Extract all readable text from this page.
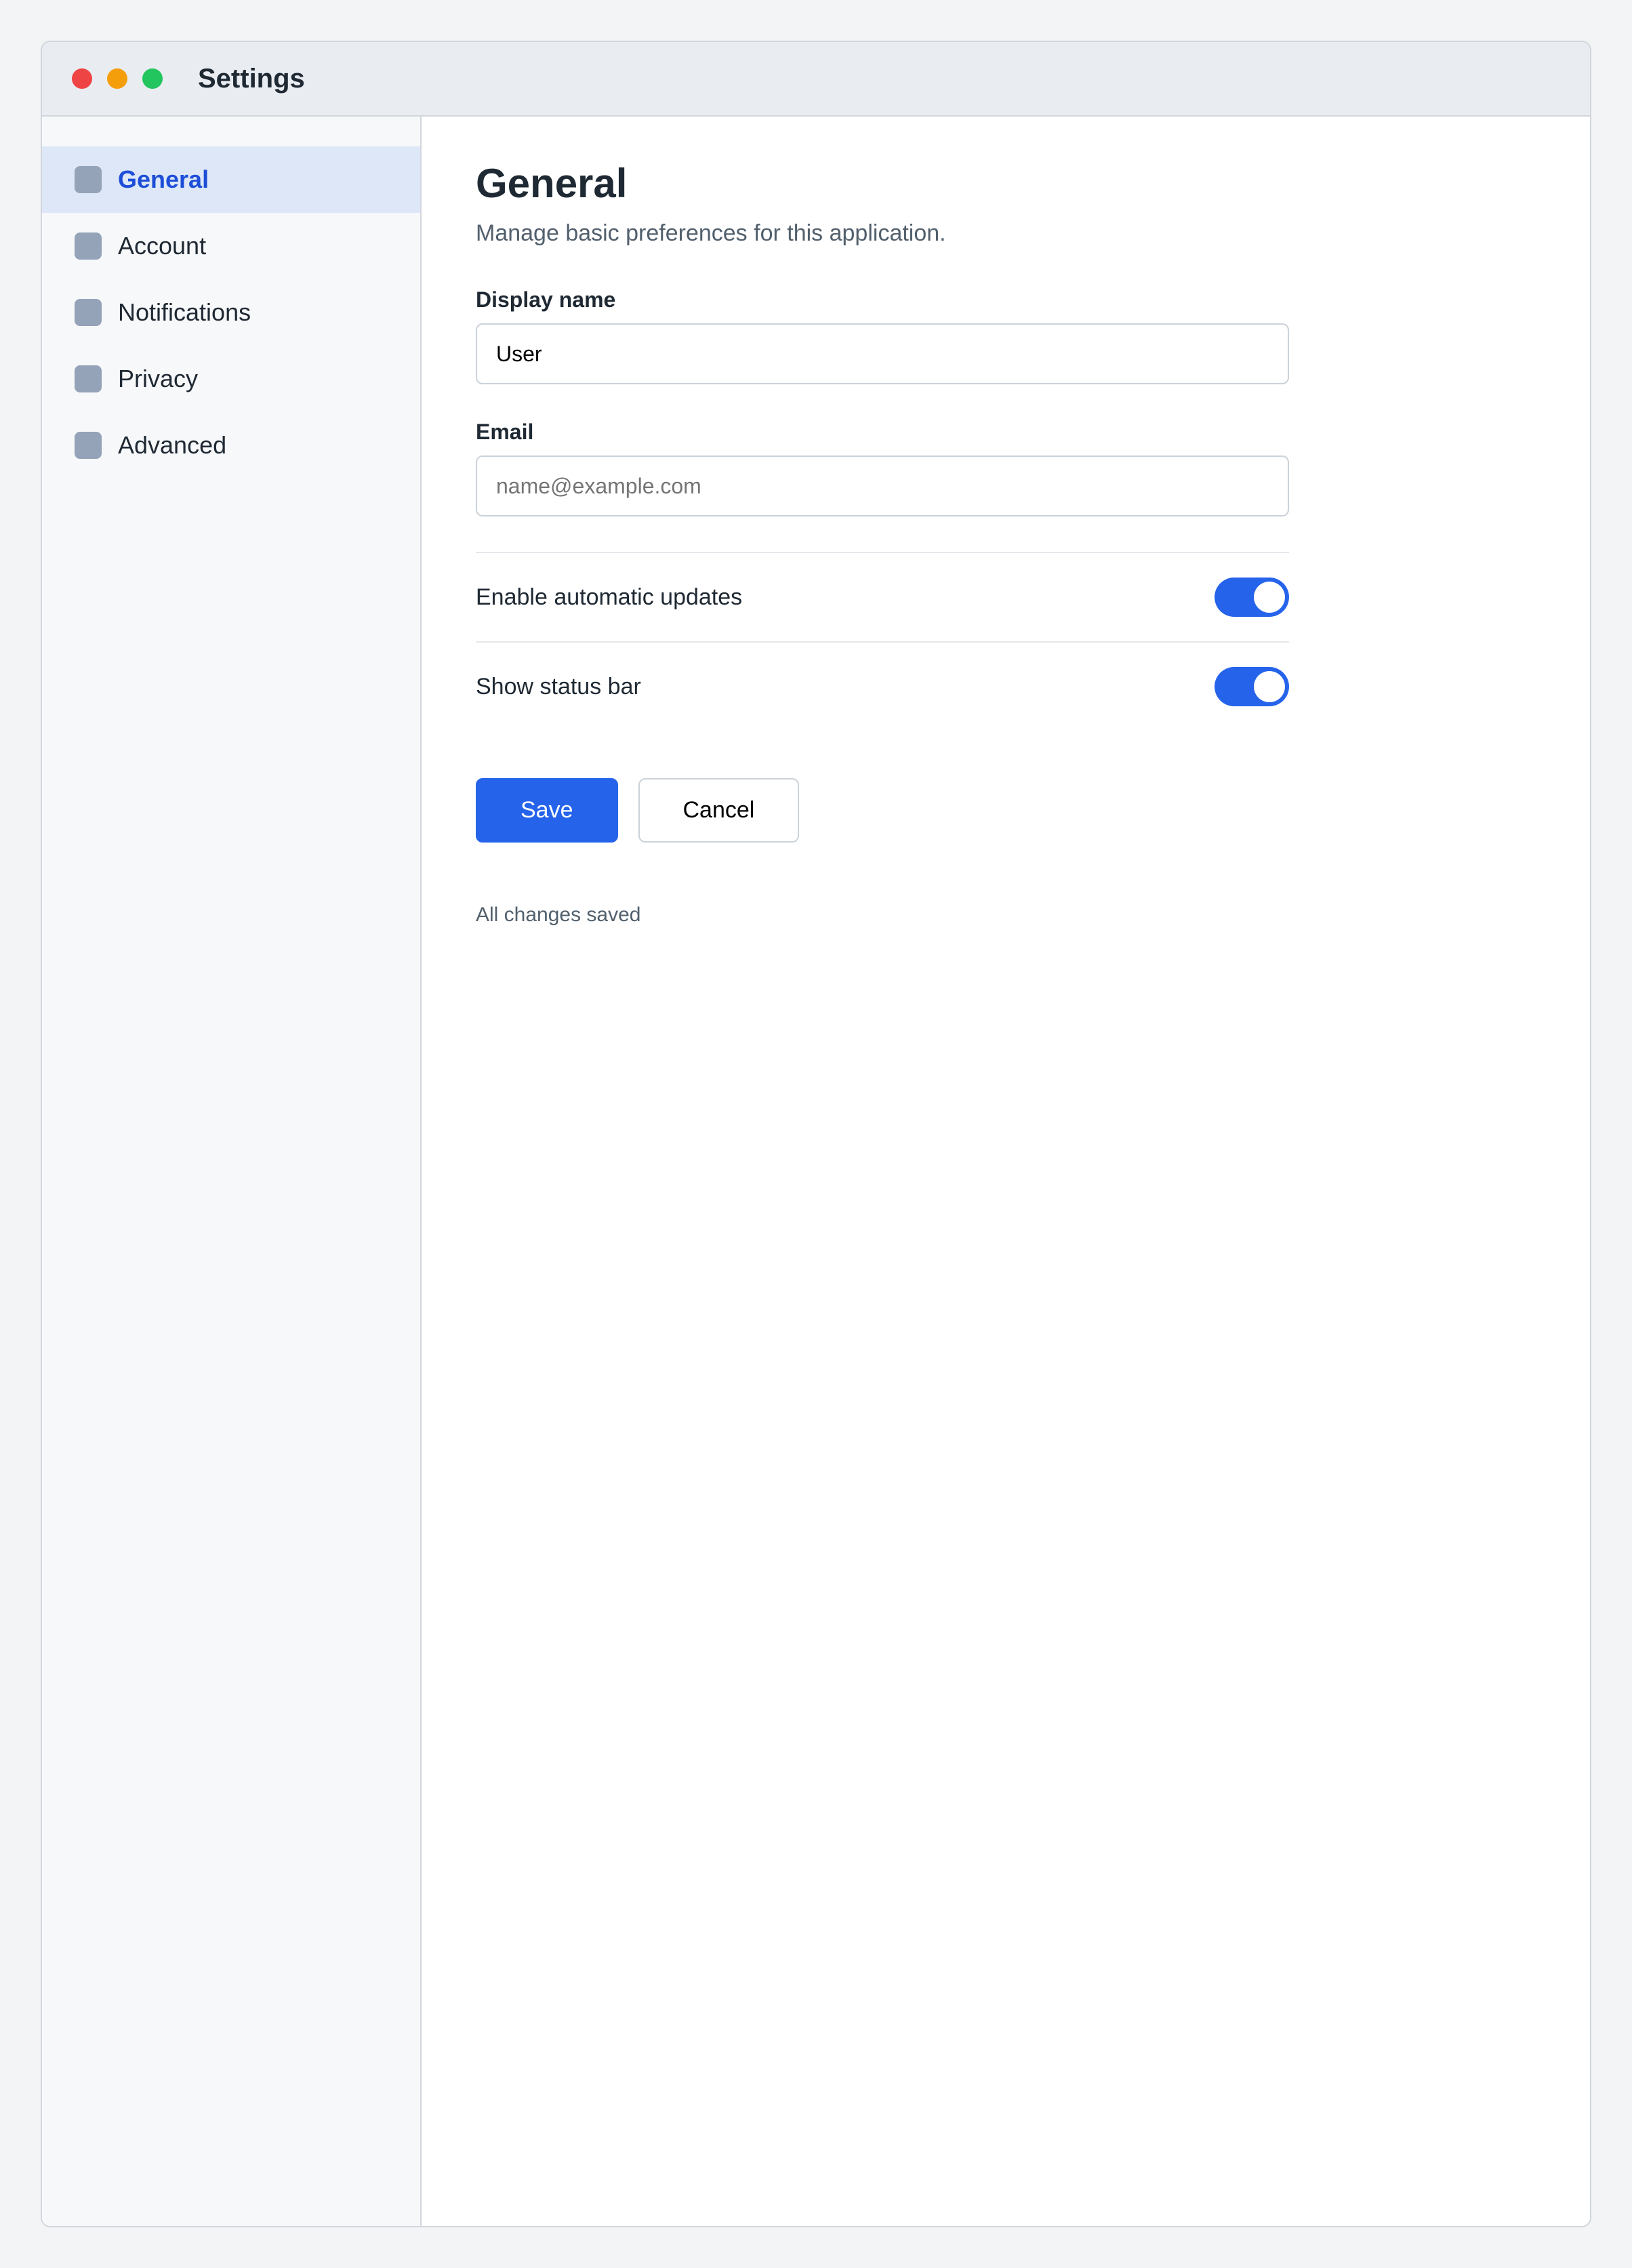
Settings
General
Account
Notifications
Privacy
Advanced
General

Manage basic preferences for this application.

Display name
User
Email
name@example.com
Enable automatic updates
Show status bar
Save	Cancel

All changes saved
